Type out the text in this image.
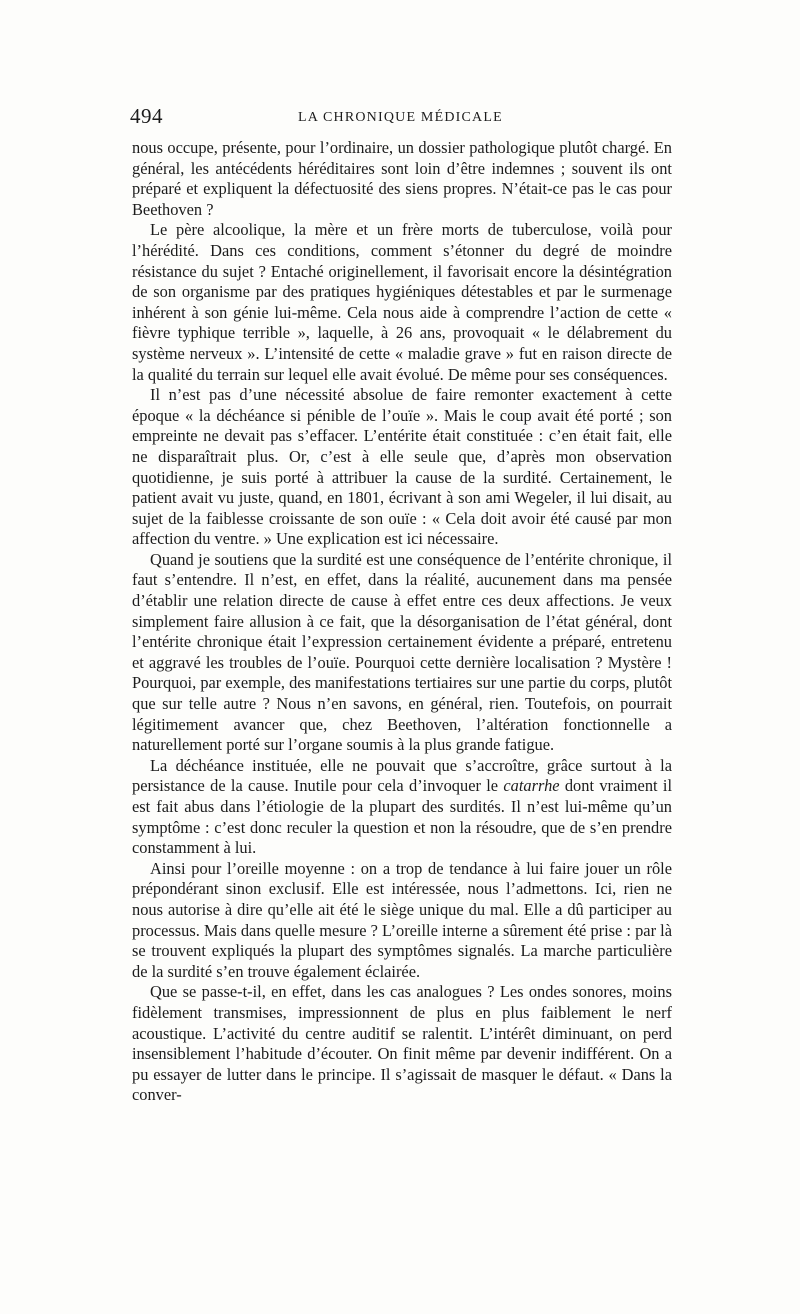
494	LA CHRONIQUE MÉDICALE

nous occupe, présente, pour l’ordinaire, un dossier pathologique plutôt chargé. En général, les antécédents héréditaires sont loin d’être indemnes ; souvent ils ont préparé et expliquent la défectuosité des siens propres. N’était-ce pas le cas pour Beethoven ?

Le père alcoolique, la mère et un frère morts de tuberculose, voilà pour l’hérédité. Dans ces conditions, comment s’étonner du degré de moindre résistance du sujet ? Entaché originellement, il favorisait encore la désintégration de son organisme par des pratiques hygiéniques détestables et par le surmenage inhérent à son génie lui-même. Cela nous aide à comprendre l’action de cette « fièvre typhique terrible », laquelle, à 26 ans, provoquait « le délabrement du système nerveux ». L’intensité de cette « maladie grave » fut en raison directe de la qualité du terrain sur lequel elle avait évolué. De même pour ses conséquences.

Il n’est pas d’une nécessité absolue de faire remonter exactement à cette époque « la déchéance si pénible de l’ouïe ». Mais le coup avait été porté ; son empreinte ne devait pas s’effacer. L’entérite était constituée : c’en était fait, elle ne disparaîtrait plus. Or, c’est à elle seule que, d’après mon observation quotidienne, je suis porté à attribuer la cause de la surdité. Certainement, le patient avait vu juste, quand, en 1801, écrivant à son ami Wegeler, il lui disait, au sujet de la faiblesse croissante de son ouïe : « Cela doit avoir été causé par mon affection du ventre. » Une explication est ici nécessaire.

Quand je soutiens que la surdité est une conséquence de l’entérite chronique, il faut s’entendre. Il n’est, en effet, dans la réalité, aucunement dans ma pensée d’établir une relation directe de cause à effet entre ces deux affections. Je veux simplement faire allusion à ce fait, que la désorganisation de l’état général, dont l’entérite chronique était l’expression certainement évidente a préparé, entretenu et aggravé les troubles de l’ouïe. Pourquoi cette dernière localisation ? Mystère ! Pourquoi, par exemple, des manifestations tertiaires sur une partie du corps, plutôt que sur telle autre ? Nous n’en savons, en général, rien. Toutefois, on pourrait légitimement avancer que, chez Beethoven, l’altération fonctionnelle a naturellement porté sur l’organe soumis à la plus grande fatigue.

La déchéance instituée, elle ne pouvait que s’accroître, grâce surtout à la persistance de la cause. Inutile pour cela d’invoquer le catarrhe dont vraiment il est fait abus dans l’étiologie de la plupart des surdités. Il n’est lui-même qu’un symptôme : c’est donc reculer la question et non la résoudre, que de s’en prendre constamment à lui.

Ainsi pour l’oreille moyenne : on a trop de tendance à lui faire jouer un rôle prépondérant sinon exclusif. Elle est intéressée, nous l’admettons. Ici, rien ne nous autorise à dire qu’elle ait été le siège unique du mal. Elle a dû participer au processus. Mais dans quelle mesure ? L’oreille interne a sûrement été prise : par là se trouvent expliqués la plupart des symptômes signalés. La marche particulière de la surdité s’en trouve également éclairée.

Que se passe-t-il, en effet, dans les cas analogues ? Les ondes sonores, moins fidèlement transmises, impressionnent de plus en plus faiblement le nerf acoustique. L’activité du centre auditif se ralentit. L’intérêt diminuant, on perd insensiblement l’habitude d’écouter. On finit même par devenir indifférent. On a pu essayer de lutter dans le principe. Il s’agissait de masquer le défaut. « Dans la conver-
